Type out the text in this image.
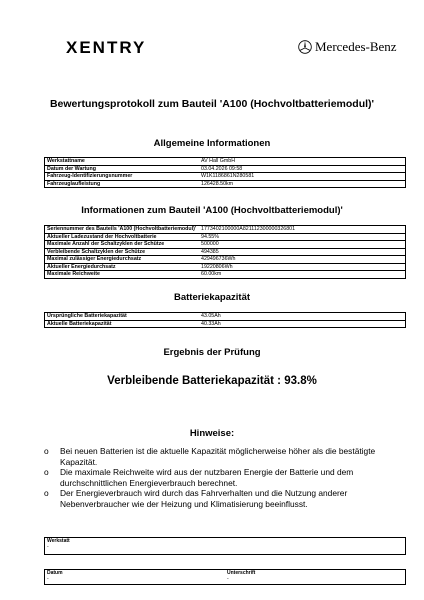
XENTRY	Mercedes-Benz
Bewertungsprotokoll zum Bauteil 'A100 (Hochvoltbatteriemodul)'
Allgemeine Informationen
Werkstattname	AV Hall GmbH
Datum der Wartung	03.04.2026 09:58
Fahrzeug-Identifizierungsnummer	W1K1186861N280581
Fahrzeuglaufleistung	126428.50km
Informationen zum Bauteil 'A100 (Hochvoltbatteriemodul)'
Seriennummer des Bauteils 'A100 (Hochvoltbatteriemodul)' 1773402100000A8211123000003268​01
Aktueller Ladezustand der Hochvoltbatterie	94.55%
Maximale Anzahl der Schaltzyklen der Schütze	500000
Verbleibende Schaltzyklen der Schütze	494385
Maximal zulässiger Energiedurchsatz	429496736Wh
Aktueller Energiedurchsatz	19220806Wh
Maximale Reichweite	60.00km
Batteriekapazität
Ursprüngliche Batteriekapazität	43.05Ah
Aktuelle Batteriekapazität	40.33Ah
Ergebnis der Prüfung
Verbleibende Batteriekapazität : 93.8%
Hinweise:
o Bei neuen Batterien ist die aktuelle Kapazität möglicherweise höher als die bestätigte Kapazität.
o Die maximale Reichweite wird aus der nutzbaren Energie der Batterie und dem durchschnittlichen Energieverbrauch berechnet.
o Der Energieverbrauch wird durch das Fahrverhalten und die Nutzung anderer Nebenverbraucher wie der Heizung und Klimatisierung beeinflusst.
Werkstatt
-
Datum
-
Unterschrift
-
